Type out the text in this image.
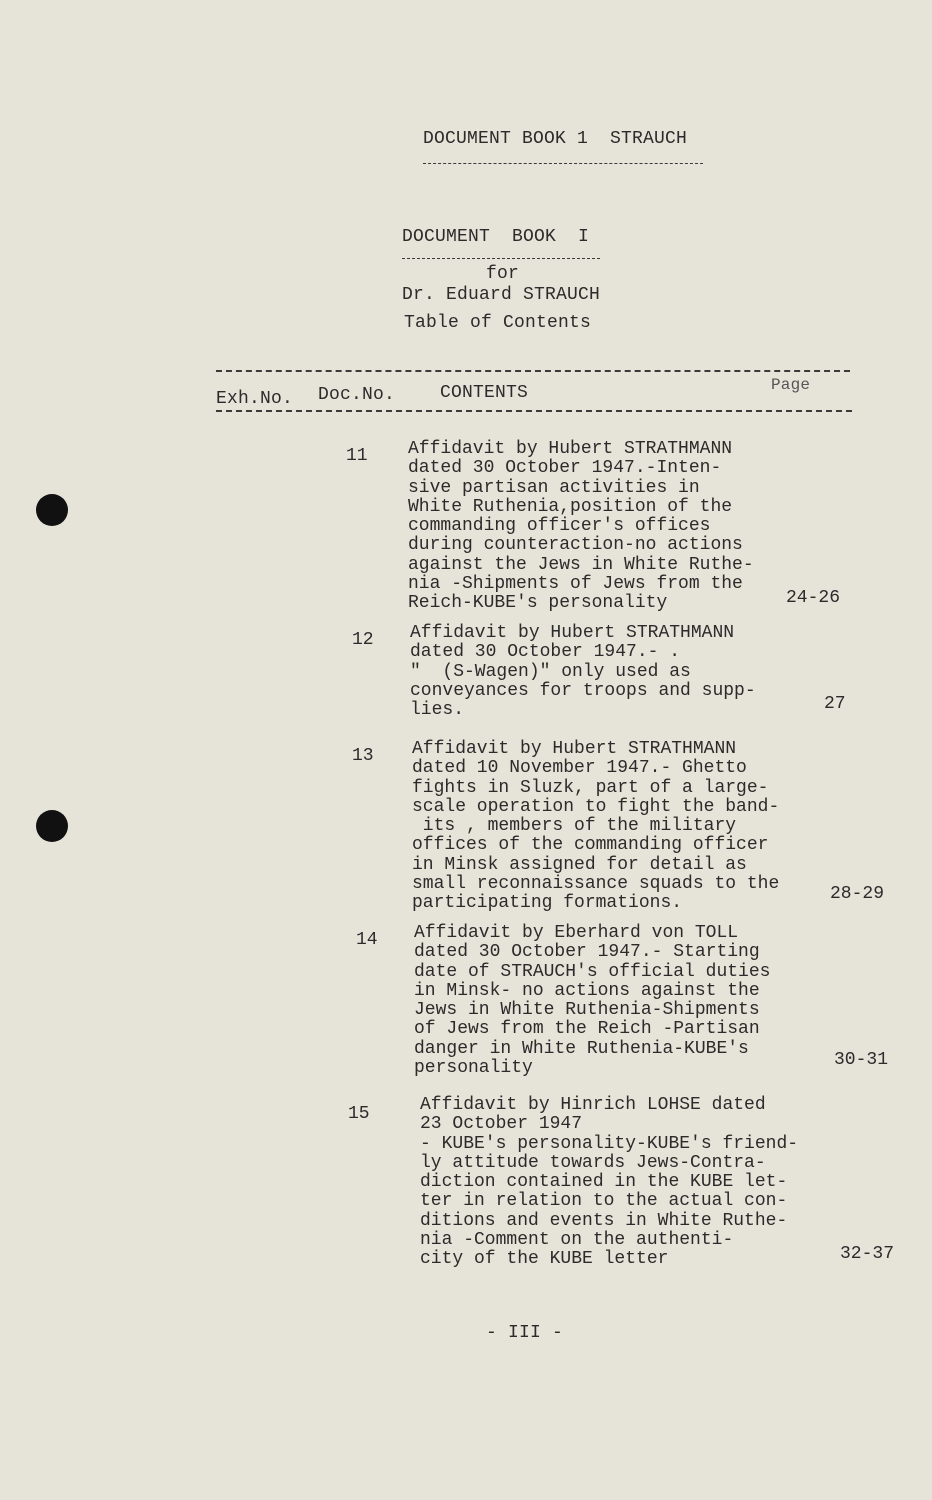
DOCUMENT BOOK 1  STRAUCH
DOCUMENT  BOOK  I
for
Dr. Eduard STRAUCH
Table of Contents
Exh.No. Doc.No. CONTENTS	Page
11 Affidavit by Hubert STRATHMANN
dated 30 October 1947.-Inten-
sive partisan activities in
White Ruthenia,position of the
commanding officer's offices
during counteraction-no actions
against the Jews in White Ruthe-
nia -Shipments of Jews from the
Reich-KUBE's personality	24-26
12 Affidavit by Hubert STRATHMANN
dated 30 October 1947.- .
"  (S-Wagen)" only used as
conveyances for troops and supp-
lies.	27
13 Affidavit by Hubert STRATHMANN
dated 10 November 1947.- Ghetto
fights in Sluzk, part of a large-
scale operation to fight the band-
its , members of the military
offices of the commanding officer
in Minsk assigned for detail as
small reconnaissance squads to the
participating formations.	28-29
14 Affidavit by Eberhard von TOLL
dated 30 October 1947.- Starting
date of STRAUCH's official duties
in Minsk- no actions against the
Jews in White Ruthenia-Shipments
of Jews from the Reich -Partisan
danger in White Ruthenia-KUBE's
personality	30-31
15	Affidavit by Hinrich LOHSE dated
23 October 1947
- KUBE's personality-KUBE's friend-
ly attitude towards Jews-Contra-
diction contained in the KUBE let-
ter in relation to the actual con-
ditions and events in White Ruthe-
nia -Comment on the authenti-
city of the KUBE letter	32-37
- III -
